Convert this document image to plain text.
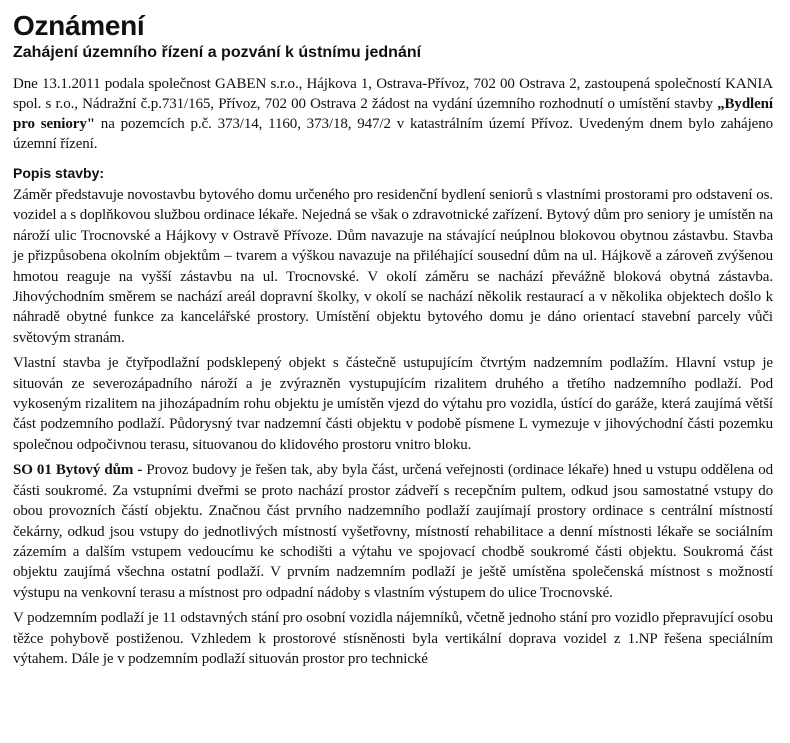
Oznámení
Zahájení územního řízení a pozvání k ústnímu jednání

Dne 13.1.2011 podala společnost GABEN s.r.o., Hájkova 1, Ostrava-Přívoz, 702 00 Ostrava 2, zastoupená společností KANIA spol. s r.o., Nádražní č.p.731/165, Přívoz, 702 00 Ostrava 2 žádost na vydání územního rozhodnutí o umístění stavby „Bydlení pro seniory" na pozemcích p.č. 373/14, 1160, 373/18, 947/2 v katastrálním území Přívoz. Uvedeným dnem bylo zahájeno územní řízení.

Popis stavby:

Záměr představuje novostavbu bytového domu určeného pro residenční bydlení seniorů s vlastními prostorami pro odstavení os. vozidel a s doplňkovou službou ordinace lékaře. Nejedná se však o zdravotnické zařízení. Bytový dům pro seniory je umístěn na nároží ulic Trocnovské a Hájkovy v Ostravě Přívoze. Dům navazuje na stávající neúplnou blokovou obytnou zástavbu. Stavba je přizpůsobena okolním objektům – tvarem a výškou navazuje na přiléhající sousední dům na ul. Hájkově a zároveň zvýšenou hmotou reaguje na vyšší zástavbu na ul. Trocnovské. V okolí záměru se nachází převážně bloková obytná zástavba. Jihovýchodním směrem se nachází areál dopravní školky, v okolí se nachází několik restaurací a v několika objektech došlo k náhradě obytné funkce za kancelářské prostory. Umístění objektu bytového domu je dáno orientací stavební parcely vůči světovým stranám.

Vlastní stavba je čtyřpodlažní podsklepený objekt s částečně ustupujícím čtvrtým nadzemním podlažím. Hlavní vstup je situován ze severozápadního nároží a je zvýrazněn vystupujícím rizalitem druhého a třetího nadzemního podlaží. Pod vykoseným rizalitem na jihozápadním rohu objektu je umístěn vjezd do výtahu pro vozidla, ústící do garáže, která zaujímá větší část podzemního podlaží. Půdorysný tvar nadzemní části objektu v podobě písmene L vymezuje v jihovýchodní části pozemku společnou odpočivnou terasu, situovanou do klidového prostoru vnitro bloku.

SO 01 Bytový dům - Provoz budovy je řešen tak, aby byla část, určená veřejnosti (ordinace lékaře) hned u vstupu oddělena od části soukromé. Za vstupními dveřmi se proto nachází prostor zádveří s recepčním pultem, odkud jsou samostatné vstupy do obou provozních částí objektu. Značnou část prvního nadzemního podlaží zaujímají prostory ordinace s centrální místností čekárny, odkud jsou vstupy do jednotlivých místností vyšetřovny, místností rehabilitace a denní místnosti lékaře se sociálním zázemím a dalším vstupem vedoucímu ke schodišti a výtahu ve spojovací chodbě soukromé části objektu. Soukromá část objektu zaujímá všechna ostatní podlaží. V prvním nadzemním podlaží je ještě umístěna společenská místnost s možností výstupu na venkovní terasu a místnost pro odpadní nádoby s vlastním výstupem do ulice Trocnovské.

V podzemním podlaží je 11 odstavných stání pro osobní vozidla nájemníků, včetně jednoho stání pro vozidlo přepravující osobu těžce pohybově postiženou. Vzhledem k prostorové stísněnosti byla vertikální doprava vozidel z 1.NP řešena speciálním výtahem. Dále je v podzemním podlaží situován prostor pro technické
